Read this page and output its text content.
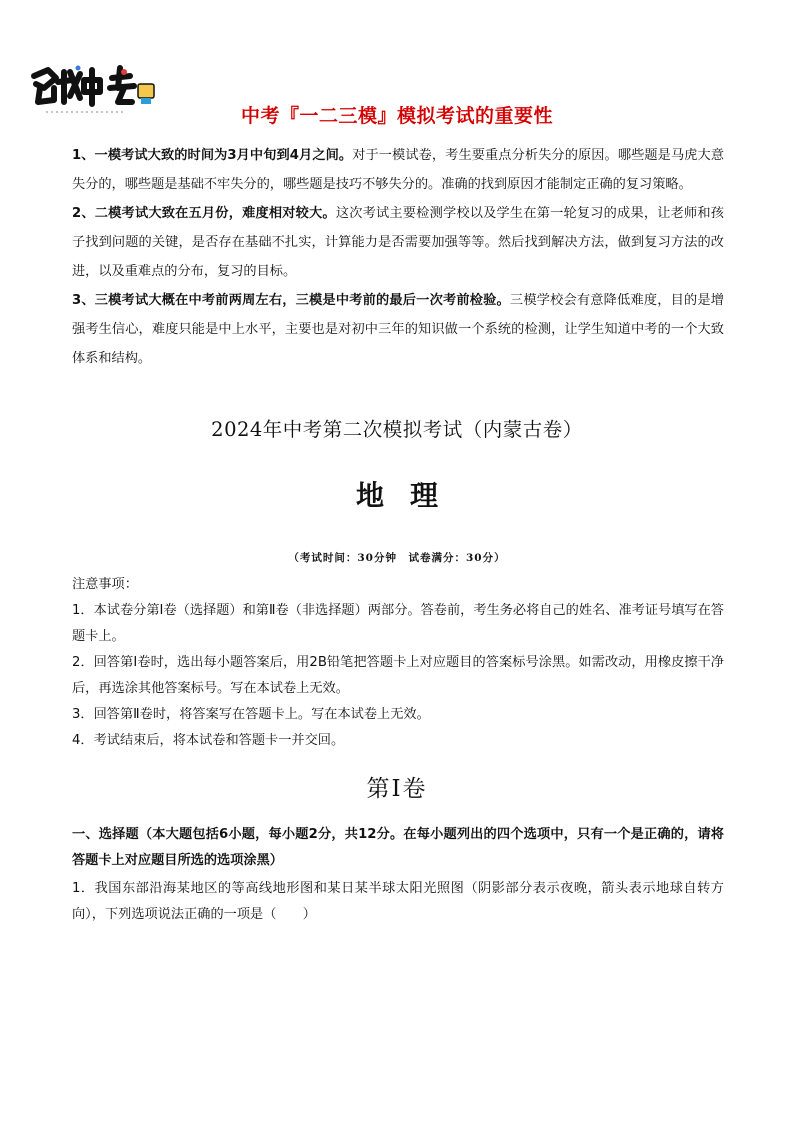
中考『一二三模』模拟考试的重要性

1、一模考试大致的时间为3月中旬到4月之间。对于一模试卷，考生要重点分析失分的原因。哪些题是马虎大意失分的，哪些题是基础不牢失分的，哪些题是技巧不够失分的。准确的找到原因才能制定正确的复习策略。

2、二模考试大致在五月份，难度相对较大。这次考试主要检测学校以及学生在第一轮复习的成果，让老师和孩子找到问题的关键，是否存在基础不扎实，计算能力是否需要加强等等。然后找到解决方法，做到复习方法的改进，以及重难点的分布，复习的目标。

3、三模考试大概在中考前两周左右，三模是中考前的最后一次考前检验。三模学校会有意降低难度，目的是增强考生信心，难度只能是中上水平，主要也是对初中三年的知识做一个系统的检测，让学生知道中考的一个大致体系和结构。

2024年中考第二次模拟考试（内蒙古卷）
地理
（考试时间：30分钟　试卷满分：30分）

注意事项：

1．本试卷分第Ⅰ卷（选择题）和第Ⅱ卷（非选择题）两部分。答卷前，考生务必将自己的姓名、准考证号填写在答题卡上。

2．回答第Ⅰ卷时，选出每小题答案后，用2B铅笔把答题卡上对应题目的答案标号涂黑。如需改动，用橡皮擦干净后，再选涂其他答案标号。写在本试卷上无效。

3．回答第Ⅱ卷时，将答案写在答题卡上。写在本试卷上无效。

4．考试结束后，将本试卷和答题卡一并交回。

第Ⅰ卷

一、选择题（本大题包括6小题，每小题2分，共12分。在每小题列出的四个选项中，只有一个是正确的，请将答题卡上对应题目所选的选项涂黑）

1．我国东部沿海某地区的等高线地形图和某日某半球太阳光照图（阴影部分表示夜晚，箭头表示地球自转方向），下列选项说法正确的一项是（　　）
